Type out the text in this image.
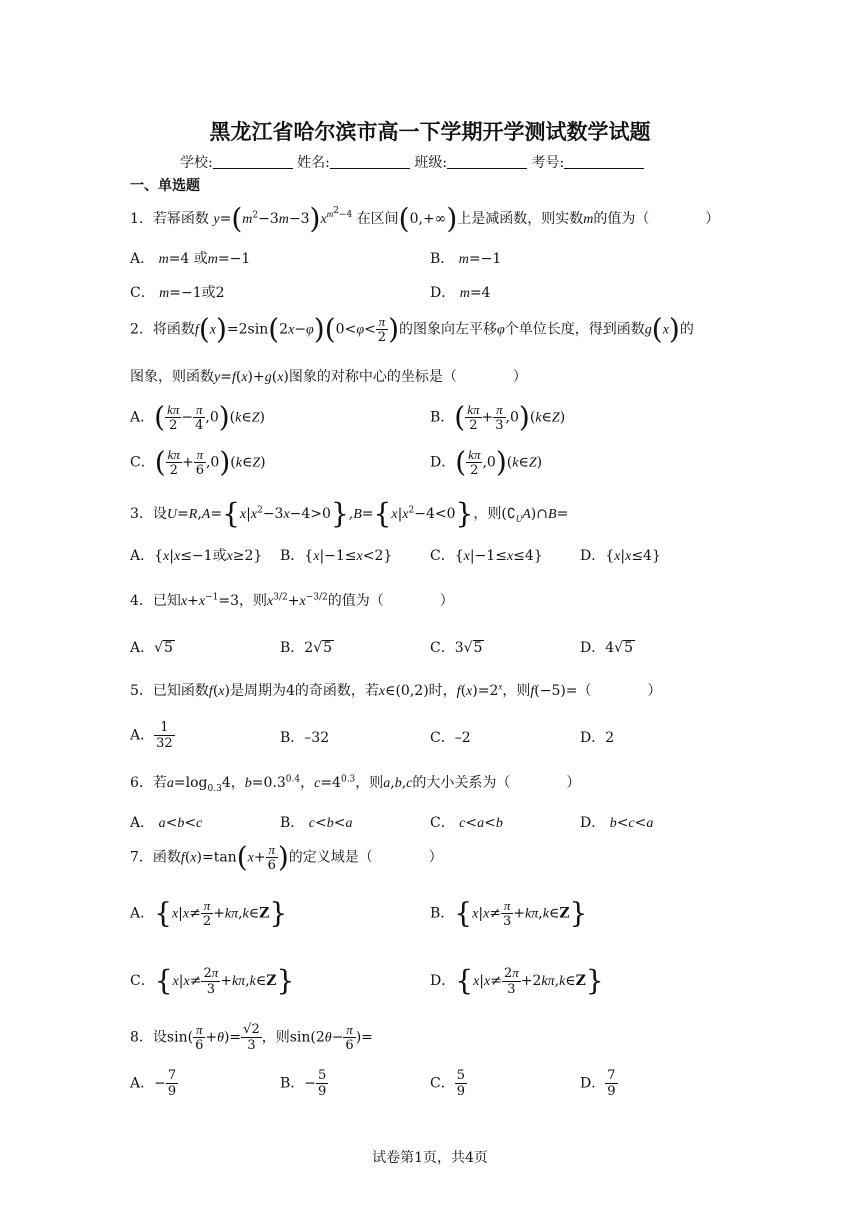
黑龙江省哈尔滨市高一下学期开学测试数学试题
学校:	姓名:	班级:	考号:
一、单选题
1．若幂函数 $y=(m^2-3m-3)x^{m^2-4}$ 在区间(0,+∞)上是减函数，则实数m的值为（　　　　）
A． m=4 或m=−1	B． m=−1
C． m=−1或2	D． m=4
2．将函数$f(x)=2\sin(2x-\varphi)(0<\varphi< \frac{\pi}{2}$ )的图象向左平移φ个单位长度，得到函数g(x)的
图象，则函数y=f(x)+g(x)图象的对称中心的坐标是（　　　　）
A．( $\frac{k\pi}{2} - \frac{\pi}{4}$ ,0)(k∈Z)	B．( $\frac{k\pi}{2} + \frac{\pi}{3}$ ,0)(k∈Z)
C．( $\frac{k\pi}{2} + \frac{\pi}{6}$ ,0)(k∈Z)	D．( $\frac{k\pi}{2}$ ,0)(k∈Z)
3．设$U=R,A=\{x|x^2-3x-4>0\},B=\{x|x^2-4<0\}$，则$(∁_UA)\cap B=$
A．{x|x≤−1或x≥2} B．{x|−1≤x<2}	C．{x|−1≤x≤4}	D．{x|x≤4}
4．已知$x+x^{-1}=3$，则$x^{3/2}+x^{-3/2}$的值为（　　　　）
A．√5	B．2√5	C．3√5	D．4√5
5．已知函数f(x)是周期为4的奇函数，若x∈(0,2)时，$f(x)=2^x$，则f(−5)=（　　　　）
A． $\frac{1}{32}$	B．–32	C．–2	D．2
6．若$a=\log_{0.3}4$，$b=0.3^{0.4}$，$c=4^{0.3}$，则a,b,c的大小关系为（　　　　）
A． a<b<c	B． c<b<a	C． c<a<b	D． b<c<a
7．函数$f(x)=\tan(x+ \frac{\pi}{6}$ )的定义域是（　　　　）
A．{$x|x\ne \frac{\pi}{2}$ +kπ,k∈Z}	B．{$x|x\ne \frac{\pi}{3}$ +kπ,k∈Z}
C．{$x|x\ne \frac{2\pi}{3}$ +kπ,k∈Z}	D．{$x|x\ne \frac{2\pi}{3}$ +2kπ,k∈Z}
8．设$\sin( \frac{\pi}{6} +\theta)= \frac{√2}{3}$ ，则$\sin(2\theta- \frac{\pi}{6}$ )=
A．− $\frac{7}{9}$	B．− $\frac{5}{9}$	C． $\frac{5}{9}$	D． $\frac{7}{9}$
试卷第1页，共4页
